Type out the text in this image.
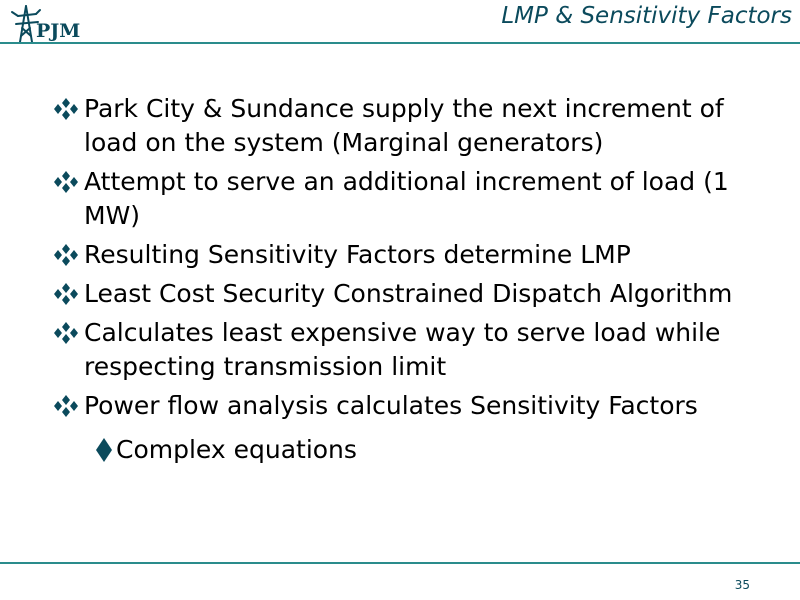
PJM
LMP & Sensitivity Factors
Park City & Sundance supply the next increment of load on the system (Marginal generators)
Attempt to serve an additional increment of load (1 MW)
Resulting Sensitivity Factors determine LMP
Least Cost Security Constrained Dispatch Algorithm
Calculates least expensive way to serve load while respecting transmission limit
Power flow analysis calculates Sensitivity Factors
Complex equations
35
